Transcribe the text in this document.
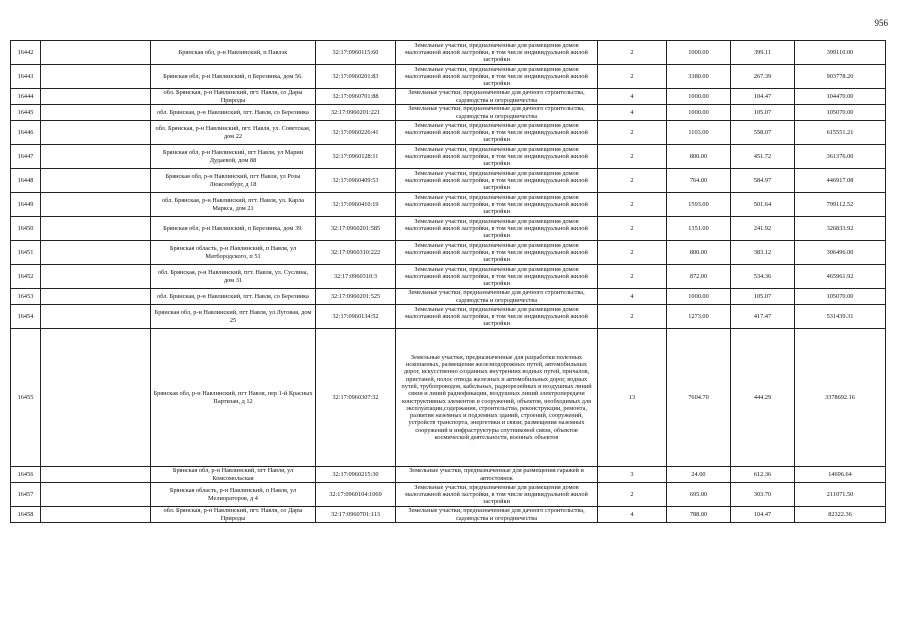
956
16442		Брянская обл, р-н Навлинский, п Павлэк	32:17:0960115:60	Земельные участки, предназначенные для размещения домов малоэтажной жилой застройки, в том числе индивидуальной жилой застройки	2	1000.00	399.11	399110.00
16443		Брянская обл, р-н Навлинский, п Березинка, дом 56.	32:17:0960201:83	Земельные участки, предназначенные для размещения домов малоэтажной жилой застройки, в том числе индивидуальной жилой застройки	2	3380.00	267.39	903778.20
16444		обл. Брянская, р-н Навлинский, пгт. Навля, со Дары Природы	32:17:0960701:88	Земельные участки, предназначенные для дачного строительства, садоводства и огородничества	4	1000.00	104.47	104470.00
16445		обл. Брянская, р-н Навлинский, пгт. Навля, со Березинка	32:17:0960201:221	Земельные участки, предназначенные для дачного строительства, садоводства и огородничества	4	1000.00	105.07	105070.00
16446		обл. Брянская, р-н Навлинский, пгт. Навля, ул. Советская, дом 22	32:17:0960226:41	Земельные участки, предназначенные для размещения домов малоэтажной жилой застройки, в том числе индивидуальной жилой застройки	2	1103.00	558.07	615551.21
16447		Брянская обл, р-н Навлинский, пгт Навля, ул Марии Дудаевой, дом 88	32:17:0960128:11	Земельные участки, предназначенные для размещения домов малоэтажной жилой застройки, в том числе индивидуальной жилой застройки	2	800.00	451.72	361376.00
16448		Брянская обл, р-н Навлинский, пгт Навля, ул Розы Люксембург, д 18	32:17:0960409:53	Земельные участки, предназначенные для размещения домов малоэтажной жилой застройки, в том числе индивидуальной жилой застройки	2	764.00	584.97	446917.08
16449		обл. Брянская, р-н Навлинский, пгт. Навля, ул. Карла Маркса, дом 21	32:17:0960410:19	Земельные участки, предназначенные для размещения домов малоэтажной жилой застройки, в том числе индивидуальной жилой застройки	2	1593.00	501.64	799112.52
16450		Брянская обл, р-н Навлинский, п Березинка, дом 39.	32:17:0960201:585	Земельные участки, предназначенные для размещения домов малоэтажной жилой застройки, в том числе индивидуальной жилой застройки	2	1351.00	241.92	326833.92
16451		Брянская область, р-н Навлинский, п Навля, ул Матбородского, п 51	32:17:0960310:222	Земельные участки, предназначенные для размещения домов малоэтажной жилой застройки, в том числе индивидуальной жилой застройки	2	800.00	383.12	306496.00
16452		обл. Брянская, р-н Навлинский, пгт. Навля, ул. Суслина, дом 31	32:17:0960310:3	Земельные участки, предназначенные для размещения домов малоэтажной жилой застройки, в том числе индивидуальной жилой застройки	2	872.00	534.36	465961.92
16453		обл. Брянская, р-н Навлинский, пгт. Навля, со Березинка	32:17:0960201:525	Земельные участки, предназначенные для дачного строительства, садоводства и огородничества	4	1000.00	105.07	105070.00
16454		Брянская обл, р-н Навлинский, пгт Навля, ул Луговая, дом 25	32:17:0960134:52	Земельные участки, предназначенные для размещения домов малоэтажной жилой застройки, в том числе индивидуальной жилой застройки	2	1273.00	417.47	531439.31
16455		Брянская обл, р-н Навлинский, пгт Навля, пер 1-й Красных Партизан, д 12	32:17:0960307:32	Земельные участки, предназначенные для разработки полезных ископаемых, размещения железнодорожных путей, автомобильных дорог, искусственно созданных внутренних водных путей, причалов, пристаней, полос отвода железных и автомобильных дорог, водных путей, трубопроводов, кабельных, радиорелейных и воздушных линий связи и линий радиофикации, воздушных линий электропередачи конструктивных элементов и сооружений, объектов, необходимых для эксплуатации,содержания, строительства, реконструкции, ремонта, развития наземных и подземных зданий, строений, сооружений, устройств транспорта, энергетики и связи; размещения наземных сооружений и инфраструктуры спутниковой связи, объектов космической деятельности, военных объектов	13	7604.70	444.29	3378692.16
16456		Брянская обл, р-н Навлинский, пгт Навля, ул Комсомольская	32:17:0960215:30	Земельные участки, предназначенные для размещения гаражей и автостоянок	3	24.00	612.36	14696.64
16457		Брянская область, р-н Навлинский, п Навля, ул Мелиораторов, д 4	32:17:0960104:1069	Земельные участки, предназначенные для размещения домов малоэтажной жилой застройки, в том числе индивидуальной жилой застройки	2	695.00	303.70	211071.50
16458		обл. Брянская, р-н Навлинский, пгт. Навля, со Дары Природы	32:17:0960701:113	Земельные участки, предназначенные для дачного строительства, садоводства и огородничества	4	788.00	104.47	82322.36
